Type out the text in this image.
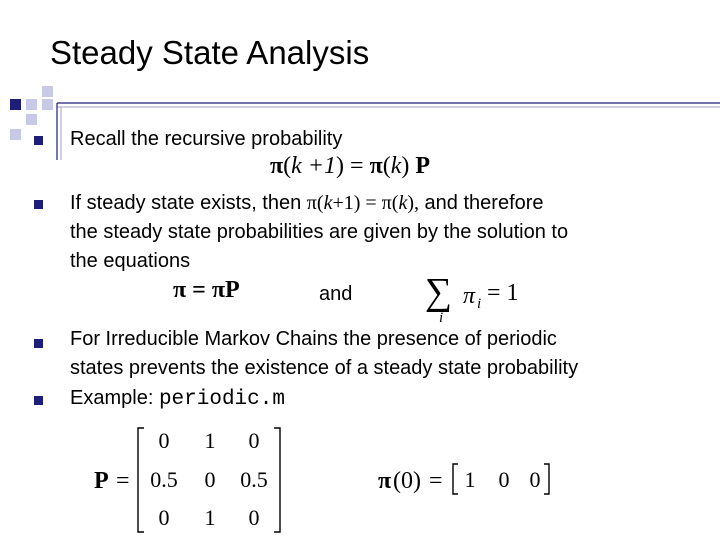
Steady State Analysis
Recall the recursive probability
π(k +1) = π(k) P
If steady state exists, then π(k+1) = π(k), and therefore
the steady state probabilities are given by the solution to
the equations
π = πP	and ∑ π i = 1
i
For Irreducible Markov Chains the presence of periodic
states prevents the existence of a steady state probability
Example: periodic.m
P =
0 1 0
0.5 0 0.5
0 1 0
π (0) = 1 0 0
